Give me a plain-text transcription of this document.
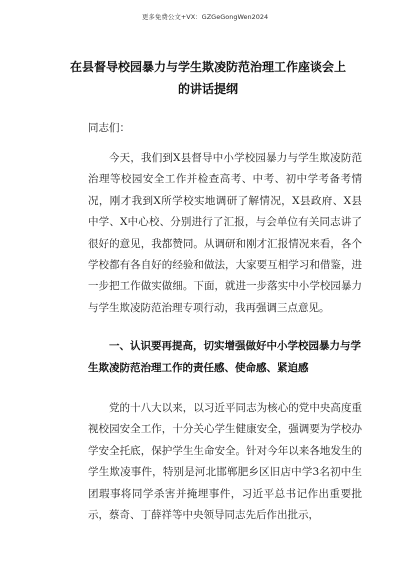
更多免费公文+VX：GZGeGongWen2024
在县督导校园暴力与学生欺凌防范治理工作座谈会上的讲话提纲

同志们：

今天，我们到X县督导中小学校园暴力与学生欺凌防范治理等校园安全工作并检查高考、中考、初中学考备考情况，刚才我到X所学校实地调研了解情况，X县政府、X县中学、X中心校、分别进行了汇报，与会单位有关同志讲了很好的意见，我都赞同。从调研和刚才汇报情况来看，各个学校都有各自好的经验和做法，大家要互相学习和借鉴，进一步把工作做实做细。下面，就进一步落实中小学校园暴力与学生欺凌防范治理专项行动，我再强调三点意见。

一、认识要再提高，切实增强做好中小学校园暴力与学生欺凌防范治理工作的责任感、使命感、紧迫感

党的十八大以来，以习近平同志为核心的党中央高度重视校园安全工作，十分关心学生健康安全，强调要为学校办学安全托底，保护学生生命安全。针对今年以来各地发生的学生欺凌事件，特别是河北邯郸肥乡区旧店中学3名初中生团瑕事将同学杀害并掩埋事件，习近平总书记作出重要批示，蔡奇、丁薛祥等中央领导同志先后作出批示，
